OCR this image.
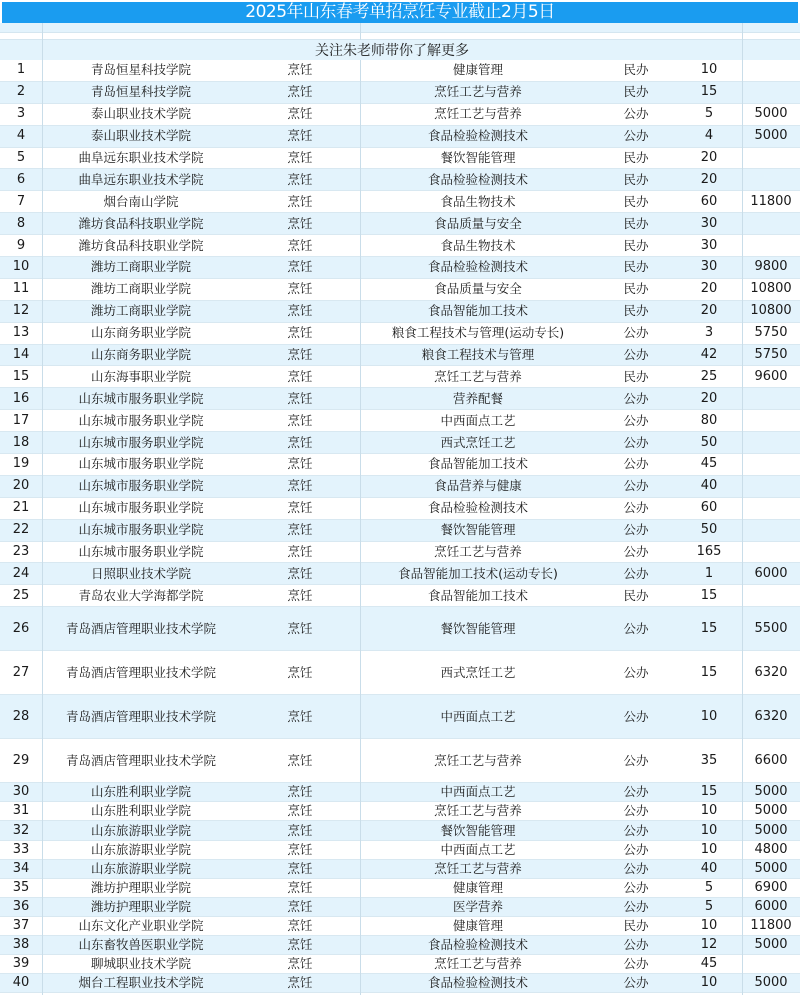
2025年山东春考单招烹饪专业截止2月5日
关注朱老师带你了解更多
1	青岛恒星科技学院	烹饪	健康管理	民办	10
2	青岛恒星科技学院	烹饪	烹饪工艺与营养	民办	15
3	泰山职业技术学院	烹饪	烹饪工艺与营养	公办	5	5000
4	泰山职业技术学院	烹饪	食品检验检测技术	公办	4	5000
5	曲阜远东职业技术学院	烹饪	餐饮智能管理	民办	20
6	曲阜远东职业技术学院	烹饪	食品检验检测技术	民办	20
7	烟台南山学院	烹饪	食品生物技术	民办	60	11800
8	潍坊食品科技职业学院	烹饪	食品质量与安全	民办	30
9	潍坊食品科技职业学院	烹饪	食品生物技术	民办	30
10	潍坊工商职业学院	烹饪	食品检验检测技术	民办	30	9800
11	潍坊工商职业学院	烹饪	食品质量与安全	民办	20	10800
12	潍坊工商职业学院	烹饪	食品智能加工技术	民办	20	10800
13	山东商务职业学院	烹饪	粮食工程技术与管理(运动专长)	公办	3	5750
14	山东商务职业学院	烹饪	粮食工程技术与管理	公办	42	5750
15	山东海事职业学院	烹饪	烹饪工艺与营养	民办	25	9600
16	山东城市服务职业学院	烹饪	营养配餐	公办	20
17	山东城市服务职业学院	烹饪	中西面点工艺	公办	80
18	山东城市服务职业学院	烹饪	西式烹饪工艺	公办	50
19	山东城市服务职业学院	烹饪	食品智能加工技术	公办	45
20	山东城市服务职业学院	烹饪	食品营养与健康	公办	40
21	山东城市服务职业学院	烹饪	食品检验检测技术	公办	60
22	山东城市服务职业学院	烹饪	餐饮智能管理	公办	50
23	山东城市服务职业学院	烹饪	烹饪工艺与营养	公办	165
24	日照职业技术学院	烹饪	食品智能加工技术(运动专长)	公办	1	6000
25	青岛农业大学海都学院	烹饪	食品智能加工技术	民办	15
26	青岛酒店管理职业技术学院	烹饪	餐饮智能管理	公办	15	5500
27	青岛酒店管理职业技术学院	烹饪	西式烹饪工艺	公办	15	6320
28	青岛酒店管理职业技术学院	烹饪	中西面点工艺	公办	10	6320
29	青岛酒店管理职业技术学院	烹饪	烹饪工艺与营养	公办	35	6600
30	山东胜利职业学院	烹饪	中西面点工艺	公办	15	5000
31	山东胜利职业学院	烹饪	烹饪工艺与营养	公办	10	5000
32	山东旅游职业学院	烹饪	餐饮智能管理	公办	10	5000
33	山东旅游职业学院	烹饪	中西面点工艺	公办	10	4800
34	山东旅游职业学院	烹饪	烹饪工艺与营养	公办	40	5000
35	潍坊护理职业学院	烹饪	健康管理	公办	5	6900
36	潍坊护理职业学院	烹饪	医学营养	公办	5	6000
37	山东文化产业职业学院	烹饪	健康管理	民办	10	11800
38	山东畜牧兽医职业学院	烹饪	食品检验检测技术	公办	12	5000
39	聊城职业技术学院	烹饪	烹饪工艺与营养	公办	45
40	烟台工程职业技术学院	烹饪	食品检验检测技术	公办	10	5000
